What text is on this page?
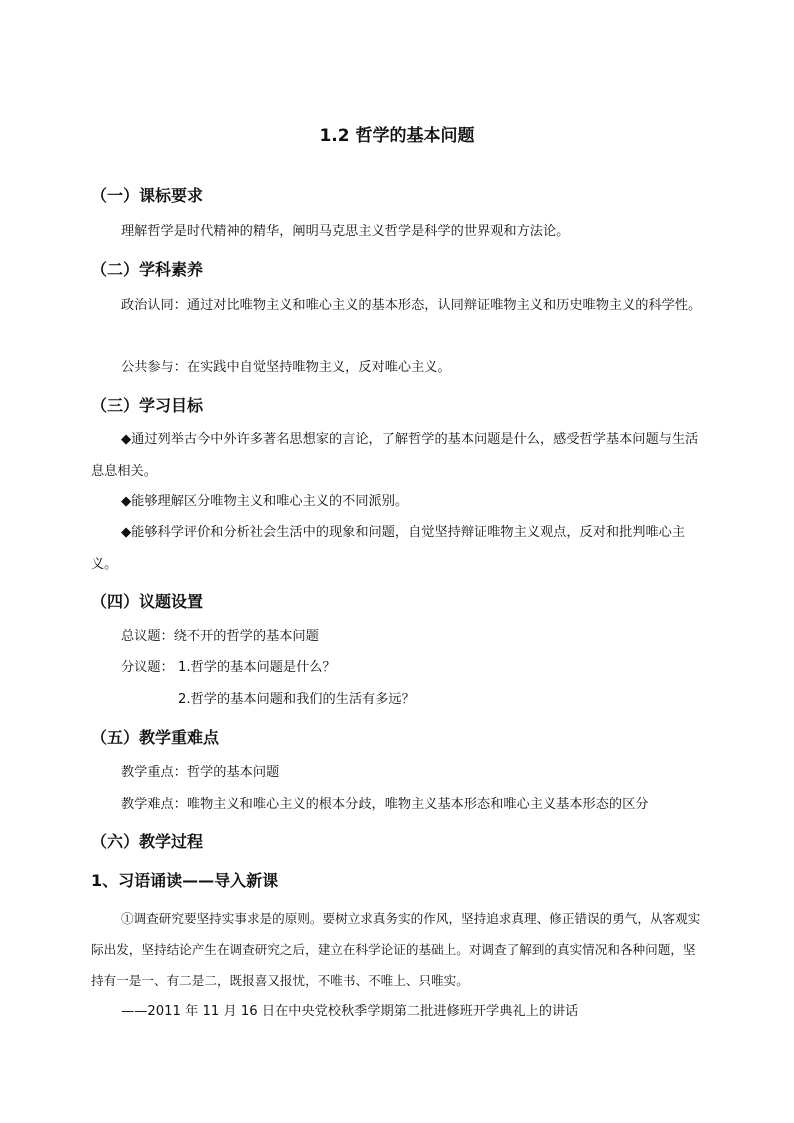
1.2 哲学的基本问题
（一）课标要求
理解哲学是时代精神的精华，阐明马克思主义哲学是科学的世界观和方法论。
（二）学科素养
政治认同：通过对比唯物主义和唯心主义的基本形态，认同辩证唯物主义和历史唯物主义的科学性。
公共参与：在实践中自觉坚持唯物主义，反对唯心主义。
（三）学习目标
◆通过列举古今中外许多著名思想家的言论，了解哲学的基本问题是什么，感受哲学基本问题与生活息息相关。
◆能够理解区分唯物主义和唯心主义的不同派别。
◆能够科学评价和分析社会生活中的现象和问题，自觉坚持辩证唯物主义观点，反对和批判唯心主义。
（四）议题设置
总议题：绕不开的哲学的基本问题
分议题： 1.哲学的基本问题是什么？
2.哲学的基本问题和我们的生活有多远？
（五）教学重难点
教学重点：哲学的基本问题
教学难点：唯物主义和唯心主义的根本分歧，唯物主义基本形态和唯心主义基本形态的区分
（六）教学过程
1、习语诵读——导入新课
①调查研究要坚持实事求是的原则。要树立求真务实的作风，坚持追求真理、修正错误的勇气，从客观实际出发，坚持结论产生在调查研究之后，建立在科学论证的基础上。对调查了解到的真实情况和各种问题，坚持有一是一、有二是二，既报喜又报忧，不唯书、不唯上、只唯实。
——2011 年 11 月 16 日在中央党校秋季学期第二批进修班开学典礼上的讲话
